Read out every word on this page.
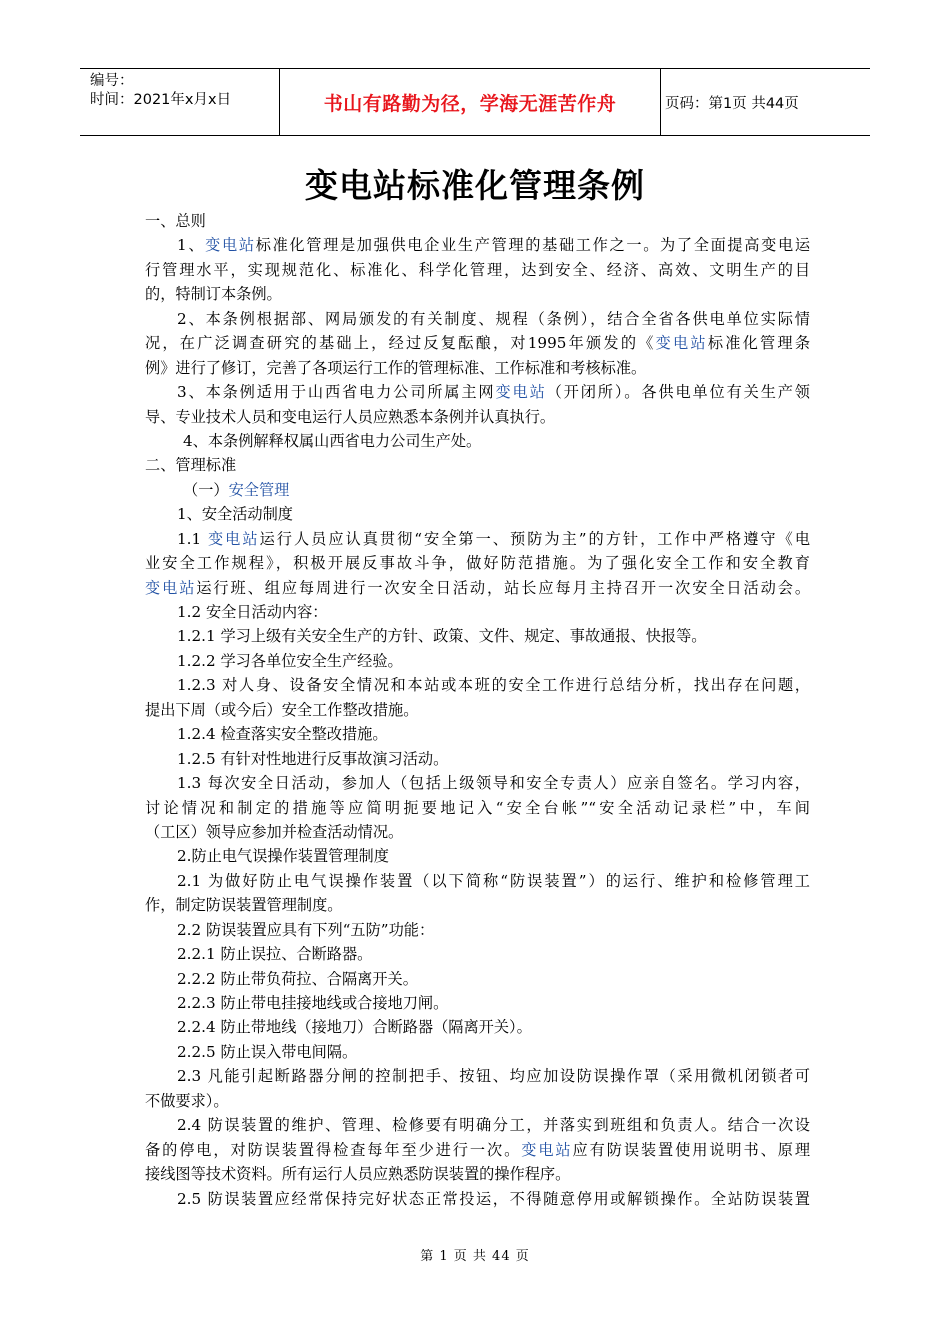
编号：
时间：2021年x月x日	书山有路勤为径，学海无涯苦作舟	页码：第1页 共44页
变电站标准化管理条例
一、总则
1、变电站标准化管理是加强供电企业生产管理的基础工作之一。为了全面提高变电运
行管理水平，实现规范化、标准化、科学化管理，达到安全、经济、高效、文明生产的目
的，特制订本条例。
2、本条例根据部、网局颁发的有关制度、规程（条例），结合全省各供电单位实际情
况，在广泛调查研究的基础上，经过反复酝酿，对1995年颁发的《变电站标准化管理条
例》进行了修订，完善了各项运行工作的管理标准、工作标准和考核标准。
3、本条例适用于山西省电力公司所属主网变电站（开闭所）。各供电单位有关生产领
导、专业技术人员和变电运行人员应熟悉本条例并认真执行。
4、本条例解释权属山西省电力公司生产处。
二、管理标准
（一）安全管理
1、安全活动制度
1.1 变电站运行人员应认真贯彻“安全第一、预防为主”的方针，工作中严格遵守《电
业安全工作规程》，积极开展反事故斗争，做好防范措施。为了强化安全工作和安全教育
变电站运行班、组应每周进行一次安全日活动，站长应每月主持召开一次安全日活动会。
1.2 安全日活动内容：
1.2.1 学习上级有关安全生产的方针、政策、文件、规定、事故通报、快报等。
1.2.2 学习各单位安全生产经验。
1.2.3 对人身、设备安全情况和本站或本班的安全工作进行总结分析，找出存在问题，
提出下周（或今后）安全工作整改措施。
1.2.4 检查落实安全整改措施。
1.2.5 有针对性地进行反事故演习活动。
1.3 每次安全日活动，参加人（包括上级领导和安全专责人）应亲自签名。学习内容，
讨论情况和制定的措施等应简明扼要地记入“安全台帐”“安全活动记录栏”中，车间
（工区）领导应参加并检查活动情况。
2.防止电气误操作装置管理制度
2.1 为做好防止电气误操作装置（以下简称“防误装置”）的运行、维护和检修管理工
作，制定防误装置管理制度。
2.2 防误装置应具有下列“五防”功能：
2.2.1 防止误拉、合断路器。
2.2.2 防止带负荷拉、合隔离开关。
2.2.3 防止带电挂接地线或合接地刀闸。
2.2.4 防止带地线（接地刀）合断路器（隔离开关）。
2.2.5 防止误入带电间隔。
2.3 凡能引起断路器分闸的控制把手、按钮、均应加设防误操作罩（采用微机闭锁者可
不做要求）。
2.4 防误装置的维护、管理、检修要有明确分工，并落实到班组和负责人。结合一次设
备的停电，对防误装置得检查每年至少进行一次。变电站应有防误装置使用说明书、原理
接线图等技术资料。所有运行人员应熟悉防误装置的操作程序。
2.5 防误装置应经常保持完好状态正常投运，不得随意停用或解锁操作。全站防误装置
第 1 页 共 44 页
